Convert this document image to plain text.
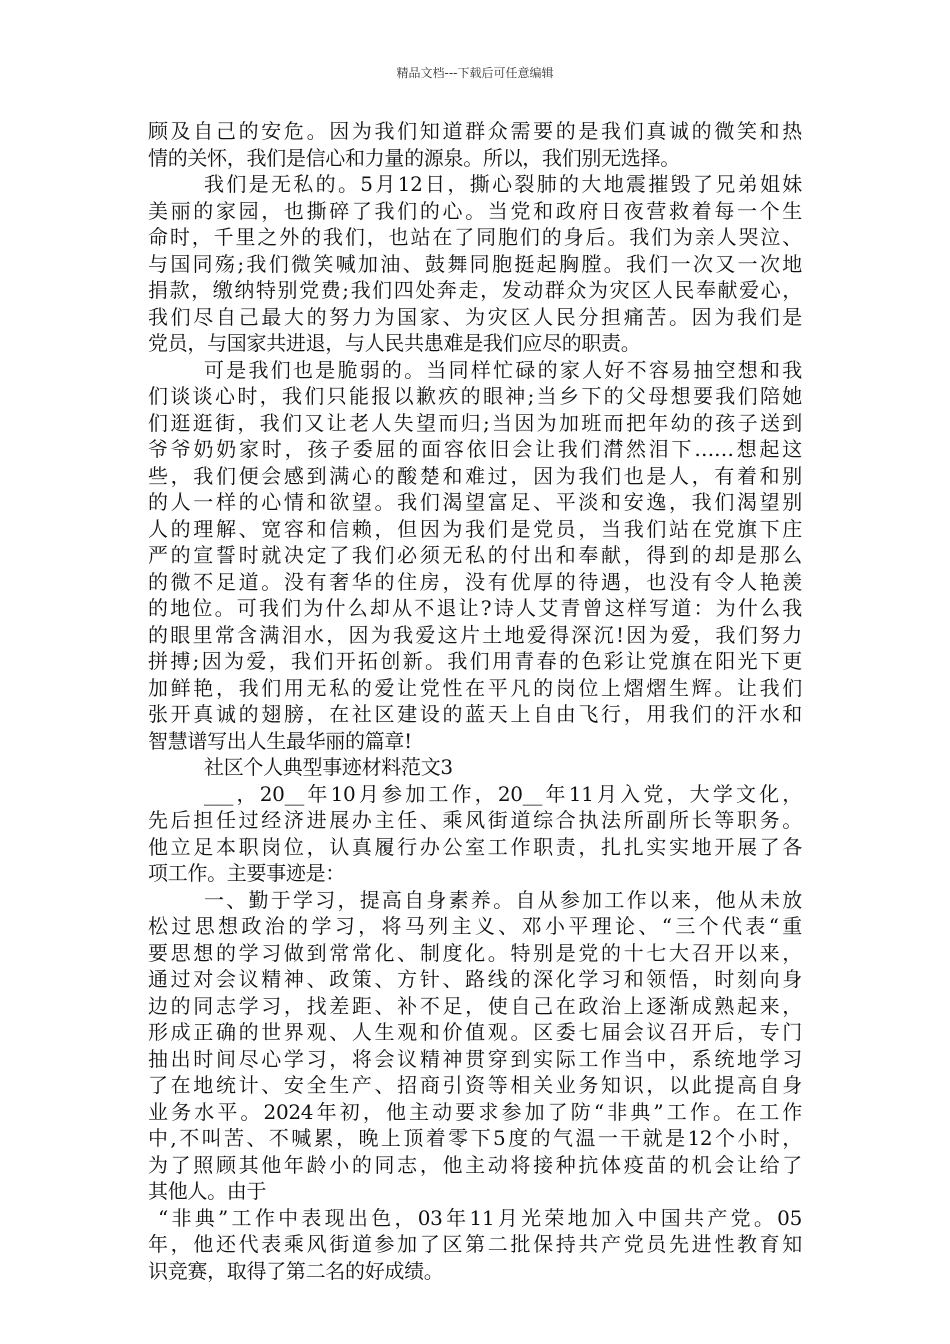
精品文档---下载后可任意编辑
顾及自己的安危。因为我们知道群众需要的是我们真诚的微笑和热
情的关怀，我们是信心和力量的源泉。所以，我们别无选择。
我们是无私的。5月12日，撕心裂肺的大地震摧毁了兄弟姐妹
美丽的家园，也撕碎了我们的心。当党和政府日夜营救着每一个生
命时，千里之外的我们，也站在了同胞们的身后。我们为亲人哭泣、
与国同殇;我们微笑喊加油、鼓舞同胞挺起胸膛。我们一次又一次地
捐款，缴纳特别党费;我们四处奔走，发动群众为灾区人民奉献爱心，
我们尽自己最大的努力为国家、为灾区人民分担痛苦。因为我们是
党员，与国家共进退，与人民共患难是我们应尽的职责。
可是我们也是脆弱的。当同样忙碌的家人好不容易抽空想和我
们谈谈心时，我们只能报以歉疚的眼神;当乡下的父母想要我们陪她
们逛逛街，我们又让老人失望而归;当因为加班而把年幼的孩子送到
爷爷奶奶家时，孩子委屈的面容依旧会让我们潸然泪下……想起这
些，我们便会感到满心的酸楚和难过，因为我们也是人，有着和别
的人一样的心情和欲望。我们渴望富足、平淡和安逸，我们渴望别
人的理解、宽容和信赖，但因为我们是党员，当我们站在党旗下庄
严的宣誓时就决定了我们必须无私的付出和奉献，得到的却是那么
的微不足道。没有奢华的住房，没有优厚的待遇，也没有令人艳羡
的地位。可我们为什么却从不退让?诗人艾青曾这样写道：为什么我
的眼里常含满泪水，因为我爱这片土地爱得深沉!因为爱，我们努力
拼搏;因为爱，我们开拓创新。我们用青春的色彩让党旗在阳光下更
加鲜艳，我们用无私的爱让党性在平凡的岗位上熠熠生辉。让我们
张开真诚的翅膀，在社区建设的蓝天上自由飞行，用我们的汗水和
智慧谱写出人生最华丽的篇章!
社区个人典型事迹材料范文3
___，20__年10月参加工作，20__年11月入党，大学文化，
先后担任过经济进展办主任、乘风街道综合执法所副所长等职务。
他立足本职岗位，认真履行办公室工作职责，扎扎实实地开展了各
项工作。主要事迹是：
一、勤于学习，提高自身素养。自从参加工作以来，他从未放
松过思想政治的学习，将马列主义、邓小平理论、“三个代表“重
要思想的学习做到常常化、制度化。特别是党的十七大召开以来，
通过对会议精神、政策、方针、路线的深化学习和领悟，时刻向身
边的同志学习，找差距、补不足，使自己在政治上逐渐成熟起来，
形成正确的世界观、人生观和价值观。区委七届会议召开后，专门
抽出时间尽心学习，将会议精神贯穿到实际工作当中，系统地学习
了在地统计、安全生产、招商引资等相关业务知识，以此提高自身
业务水平。2024年初，他主动要求参加了防“非典”工作。在工作
中,不叫苦、不喊累，晚上顶着零下5度的气温一干就是12个小时，
为了照顾其他年龄小的同志，他主动将接种抗体疫苗的机会让给了
其他人。由于
“非典”工作中表现出色，03年11月光荣地加入中国共产党。05
年，他还代表乘风街道参加了区第二批保持共产党员先进性教育知
识竞赛，取得了第二名的好成绩。
